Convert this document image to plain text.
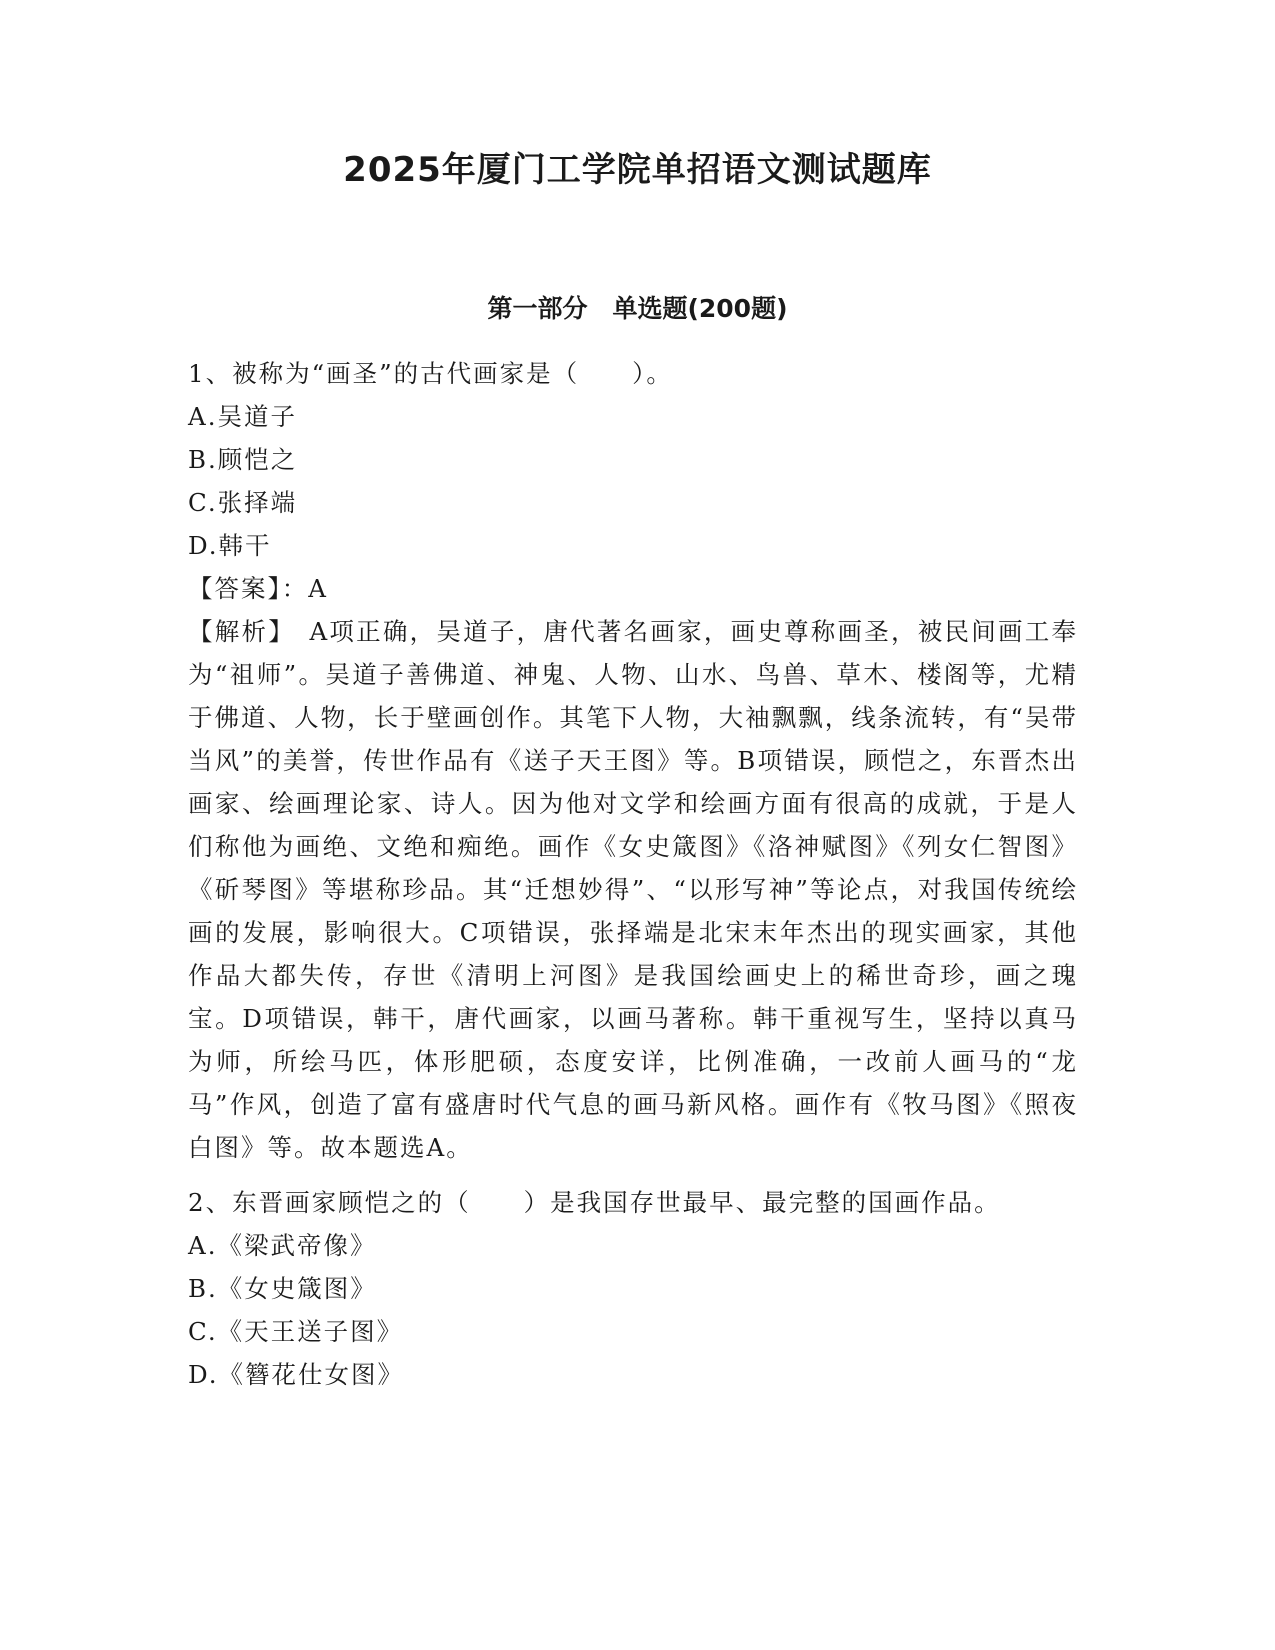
2025年厦门工学院单招语文测试题库
第一部分　单选题(200题)

1、被称为“画圣”的古代画家是（　　）。

A.吴道子

B.顾恺之

C.张择端

D.韩干

【答案】：A

【解析】　A项正确，吴道子，唐代著名画家，画史尊称画圣，被民间画工奉为“祖师”。吴道子善佛道、神鬼、人物、山水、鸟兽、草木、楼阁等，尤精于佛道、人物，长于壁画创作。其笔下人物，大袖飘飘，线条流转，有“吴带当风”的美誉，传世作品有《送子天王图》等。B项错误，顾恺之，东晋杰出画家、绘画理论家、诗人。因为他对文学和绘画方面有很高的成就，于是人们称他为画绝、文绝和痴绝。画作《女史箴图》《洛神赋图》《列女仁智图》《斫琴图》等堪称珍品。其“迁想妙得”、“以形写神”等论点，对我国传统绘画的发展，影响很大。C项错误，张择端是北宋末年杰出的现实画家，其他作品大都失传，存世《清明上河图》是我国绘画史上的稀世奇珍，画之瑰宝。D项错误，韩干，唐代画家，以画马著称。韩干重视写生，坚持以真马为师，所绘马匹，体形肥硕，态度安详，比例准确，一改前人画马的“龙马”作风，创造了富有盛唐时代气息的画马新风格。画作有《牧马图》《照夜白图》等。故本题选A。

2、东晋画家顾恺之的（　　）是我国存世最早、最完整的国画作品。

A.《梁武帝像》

B.《女史箴图》

C.《天王送子图》

D.《簪花仕女图》
